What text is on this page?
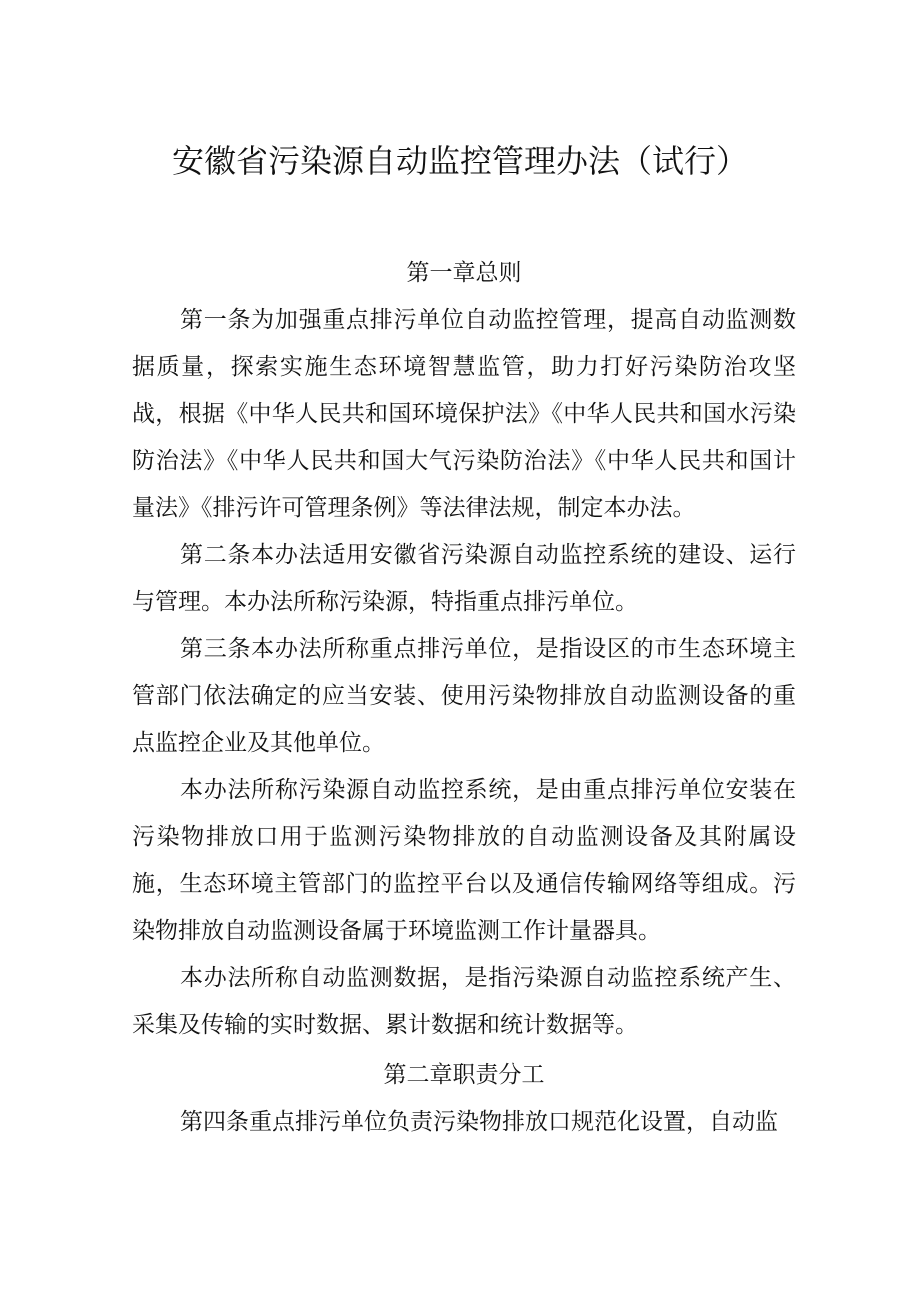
安徽省污染源自动监控管理办法（试行）
第一章总则

第一条为加强重点排污单位自动监控管理，提高自动监测数据质量，探索实施生态环境智慧监管，助力打好污染防治攻坚战，根据《中华人民共和国环境保护法》《中华人民共和国水污染防治法》《中华人民共和国大气污染防治法》《中华人民共和国计量法》《排污许可管理条例》等法律法规，制定本办法。

第二条本办法适用安徽省污染源自动监控系统的建设、运行与管理。本办法所称污染源，特指重点排污单位。

第三条本办法所称重点排污单位，是指设区的市生态环境主管部门依法确定的应当安装、使用污染物排放自动监测设备的重点监控企业及其他单位。

本办法所称污染源自动监控系统，是由重点排污单位安装在污染物排放口用于监测污染物排放的自动监测设备及其附属设施，生态环境主管部门的监控平台以及通信传输网络等组成。污染物排放自动监测设备属于环境监测工作计量器具。

本办法所称自动监测数据，是指污染源自动监控系统产生、采集及传输的实时数据、累计数据和统计数据等。

第二章职责分工

第四条重点排污单位负责污染物排放口规范化设置，自动监
